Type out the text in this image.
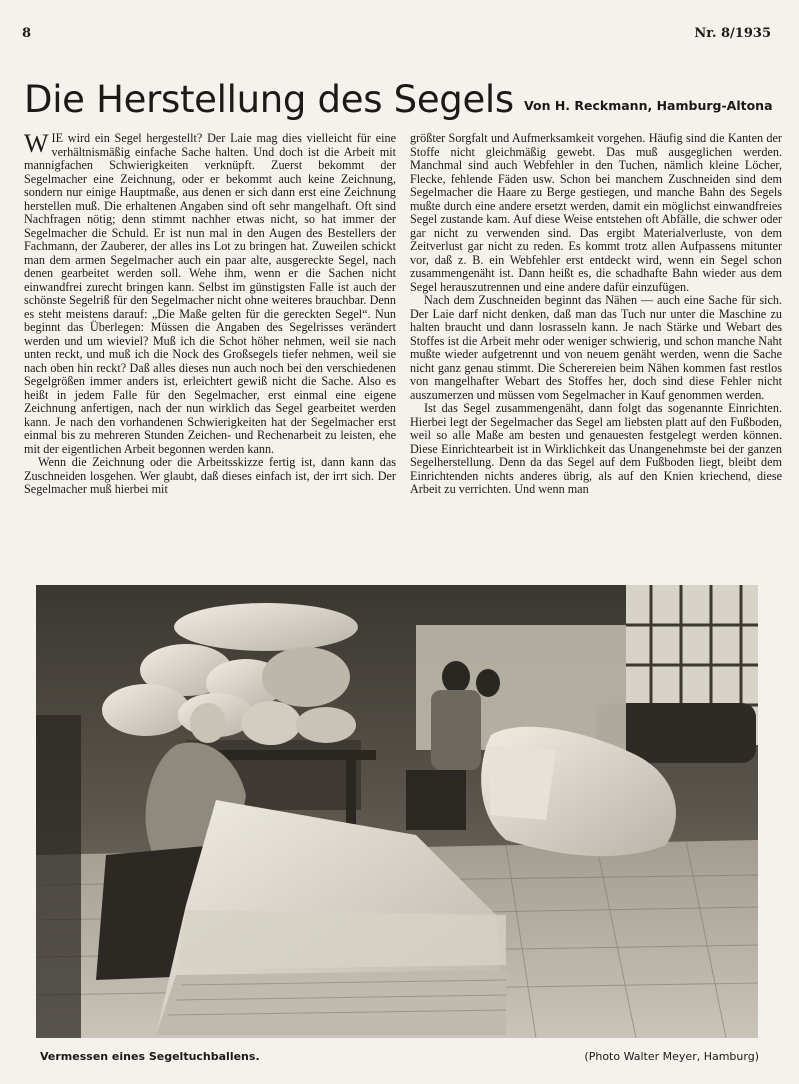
8	Nr. 8/1935
Die Herstellung des Segels Von H. Reckmann, Hamburg-Altona

WIE wird ein Segel hergestellt? Der Laie mag dies vielleicht für eine verhältnismäßig einfache Sache halten. Und doch ist die Arbeit mit mannigfachen Schwierigkeiten verknüpft. Zuerst bekommt der Segelmacher eine Zeichnung, oder er bekommt auch keine Zeichnung, sondern nur einige Hauptmaße, aus denen er sich dann erst eine Zeichnung herstellen muß. Die erhaltenen Angaben sind oft sehr mangelhaft. Oft sind Nachfragen nötig; denn stimmt nachher etwas nicht, so hat immer der Segelmacher die Schuld. Er ist nun mal in den Augen des Bestellers der Fachmann, der Zauberer, der alles ins Lot zu bringen hat. Zuweilen schickt man dem armen Segelmacher auch ein paar alte, ausgereckte Segel, nach denen gearbeitet werden soll. Wehe ihm, wenn er die Sachen nicht einwandfrei zurecht bringen kann. Selbst im günstigsten Falle ist auch der schönste Segelriß für den Segelmacher nicht ohne weiteres brauchbar. Denn es steht meistens darauf: „Die Maße gelten für die gereckten Segel“. Nun beginnt das Überlegen: Müssen die Angaben des Segelrisses verändert werden und um wieviel? Muß ich die Schot höher nehmen, weil sie nach unten reckt, und muß ich die Nock des Großsegels tiefer nehmen, weil sie nach oben hin reckt? Daß alles dieses nun auch noch bei den verschiedenen Segelgrößen immer anders ist, erleichtert gewiß nicht die Sache. Also es heißt in jedem Falle für den Segelmacher, erst einmal eine eigene Zeichnung anfertigen, nach der nun wirklich das Segel gearbeitet werden kann. Je nach den vorhandenen Schwierigkeiten hat der Segelmacher erst einmal bis zu mehreren Stunden Zeichen- und Rechenarbeit zu leisten, ehe mit der eigentlichen Arbeit begonnen werden kann.

Wenn die Zeichnung oder die Arbeitsskizze fertig ist, dann kann das Zuschneiden losgehen. Wer glaubt, daß dieses einfach ist, der irrt sich. Der Segelmacher muß hierbei mit

größter Sorgfalt und Aufmerksamkeit vorgehen. Häufig sind die Kanten der Stoffe nicht gleichmäßig gewebt. Das muß ausgeglichen werden. Manchmal sind auch Webfehler in den Tuchen, nämlich kleine Löcher, Flecke, fehlende Fäden usw. Schon bei manchem Zuschneiden sind dem Segelmacher die Haare zu Berge gestiegen, und manche Bahn des Segels mußte durch eine andere ersetzt werden, damit ein möglichst einwandfreies Segel zustande kam. Auf diese Weise entstehen oft Abfälle, die schwer oder gar nicht zu verwenden sind. Das ergibt Materialverluste, von dem Zeitverlust gar nicht zu reden. Es kommt trotz allen Aufpassens mitunter vor, daß z. B. ein Webfehler erst entdeckt wird, wenn ein Segel schon zusammengenäht ist. Dann heißt es, die schadhafte Bahn wieder aus dem Segel herauszutrennen und eine andere dafür einzufügen.

Nach dem Zuschneiden beginnt das Nähen — auch eine Sache für sich. Der Laie darf nicht denken, daß man das Tuch nur unter die Maschine zu halten braucht und dann losrasseln kann. Je nach Stärke und Webart des Stoffes ist die Arbeit mehr oder weniger schwierig, und schon manche Naht mußte wieder aufgetrennt und von neuem genäht werden, wenn die Sache nicht ganz genau stimmt. Die Scherereien beim Nähen kommen fast restlos von mangelhafter Webart des Stoffes her, doch sind diese Fehler nicht auszumerzen und müssen vom Segelmacher in Kauf genommen werden.

Ist das Segel zusammengenäht, dann folgt das sogenannte Einrichten. Hierbei legt der Segelmacher das Segel am liebsten platt auf den Fußboden, weil so alle Maße am besten und genauesten festgelegt werden können. Diese Einrichtearbeit ist in Wirklichkeit das Unangenehmste bei der ganzen Segelherstellung. Denn da das Segel auf dem Fußboden liegt, bleibt dem Einrichtenden nichts anderes übrig, als auf den Knien kriechend, diese Arbeit zu verrichten. Und wenn man

Vermessen eines Segeltuchballens.	(Photo Walter Meyer, Hamburg)
